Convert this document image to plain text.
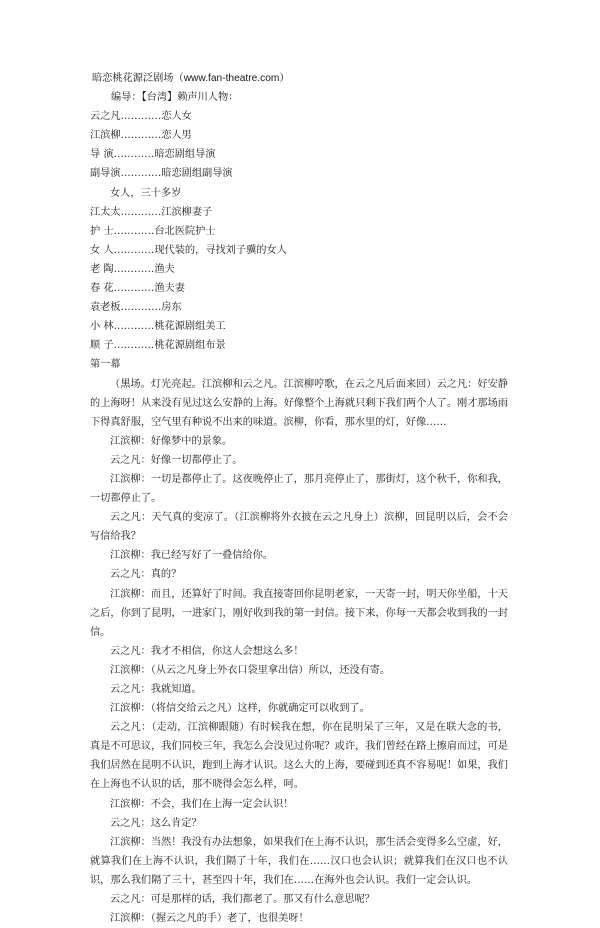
暗恋桃花源泛剧场（www.fan-theatre.com）
编导：【台湾】赖声川人物：
云之凡…………恋人女
江滨柳…………恋人男
导 演…………暗恋剧组导演
副导演…………暗恋剧组副导演
女人，三十多岁
江太太…………江滨柳妻子
护 士…………台北医院护士
女 人…………现代装的，寻找刘子骥的女人
老 陶…………渔夫
春 花…………渔夫妻
袁老板…………房东
小 林…………桃花源剧组美工
顺 子…………桃花源剧组布景
第一幕

（黑场。灯光亮起。江滨柳和云之凡。江滨柳哼歌，在云之凡后面来回）云之凡：好安静的上海呀！从来没有见过这么安静的上海。好像整个上海就只剩下我们两个人了。刚才那场雨下得真舒服，空气里有种说不出来的味道。滨柳，你看，那水里的灯，好像……

江滨柳：好像梦中的景象。

云之凡：好像一切都停止了。

江滨柳：一切是都停止了。这夜晚停止了，那月亮停止了，那街灯，这个秋千，你和我，一切都停止了。

云之凡：天气真的变凉了。（江滨柳将外衣披在云之凡身上）滨柳，回昆明以后，会不会写信给我？

江滨柳：我已经写好了一叠信给你。

云之凡：真的？

江滨柳：而且，还算好了时间。我直接寄回你昆明老家，一天寄一封，明天你坐船，十天之后，你到了昆明，一进家门，刚好收到我的第一封信。接下来，你每一天都会收到我的一封信。

云之凡：我才不相信，你这人会想这么多！

江滨柳：（从云之凡身上外衣口袋里拿出信）所以，还没有寄。

云之凡：我就知道。

江滨柳：（将信交给云之凡）这样，你就确定可以收到了。

云之凡：（走动，江滨柳跟随）有时候我在想，你在昆明呆了三年，又是在联大念的书，真是不可思议，我们同校三年，我怎么会没见过你呢？或许，我们曾经在路上擦肩而过，可是我们居然在昆明不认识，跑到上海才认识。这么大的上海，要碰到还真不容易呢！如果，我们在上海也不认识的话，那不晓得会怎么样，呵。

江滨柳：不会，我们在上海一定会认识！

云之凡：这么肯定？

江滨柳：当然！我没有办法想象，如果我们在上海不认识，那生活会变得多么空虚，好，就算我们在上海不认识，我们隔了十年，我们在……汉口也会认识；就算我们在汉口也不认识，那么我们隔了三十，甚至四十年，我们在……在海外也会认识。我们一定会认识。

云之凡：可是那样的话，我们都老了。那又有什么意思呢？

江滨柳：（握云之凡的手）老了，也很美呀！
